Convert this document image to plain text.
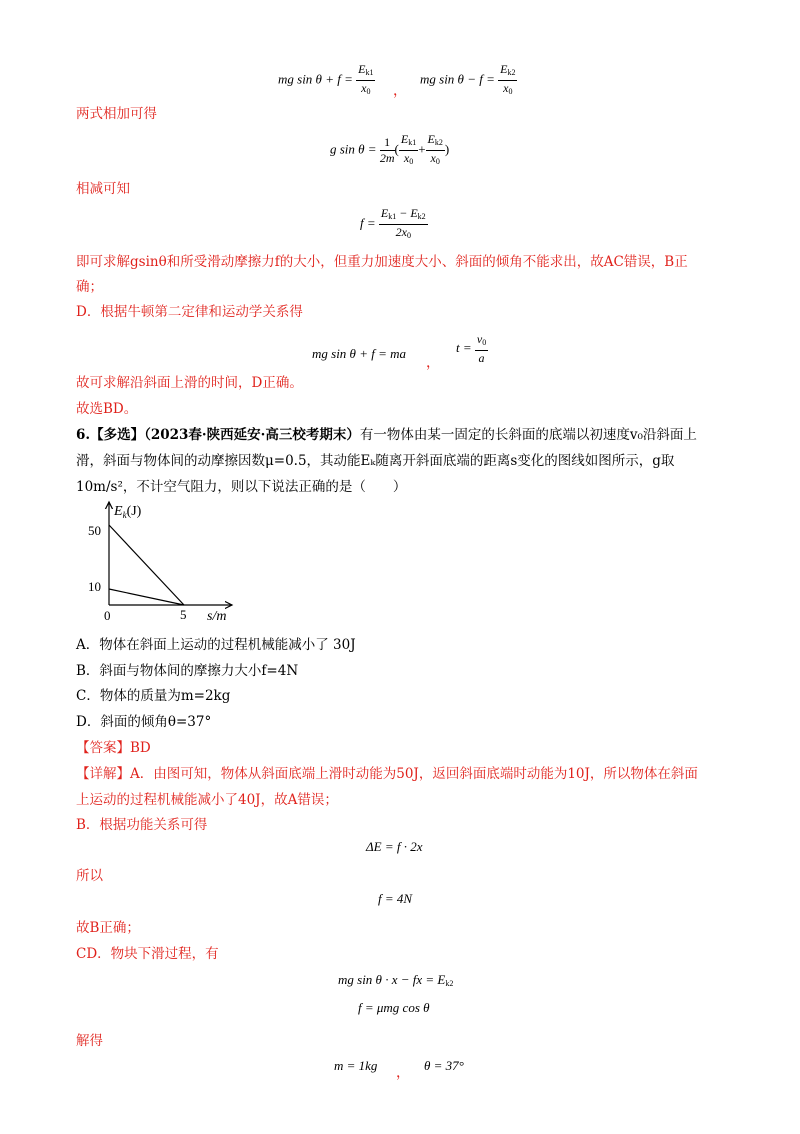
mg $\sin \theta + f = \frac{E_{k1}}{x_0}$ ，
mg $\sin \theta - f = \frac{E_{k2}}{x_0}$
两式相加可得
g $\sin \theta = \frac{1}{2m}$ ( $\frac{E_{k1}}{x_0} + \frac{E_{k2}}{x_0}$ )
相减可知
$f = \frac{E_{k1} - E_{k2}}{2x_0}$
即可求解gsinθ和所受滑动摩擦力f的大小，但重力加速度大小、斜面的倾角不能求出，故AC错误，B正
确；
D．根据牛顿第二定律和运动学关系得
mg sin θ + f = ma
，
$t = \frac{v_0}{a}$
故可求解沿斜面上滑的时间，D正确。
故选BD。
6.【多选】（2023春·陕西延安·高三校考期末）有一物体由某一固定的长斜面的底端以初速度v₀沿斜面上
滑，斜面与物体间的动摩擦因数μ=0.5，其动能Eₖ随离开斜面底端的距离s变化的图线如图所示，g取
10m/s²，不计空气阻力，则以下说法正确的是（　　）
$E_k(J)$
50
10
0	5 s/m
A．物体在斜面上运动的过程机械能减小了 30J
B．斜面与物体间的摩擦力大小f=4N
C．物体的质量为m=2kg
D．斜面的倾角θ=37°
【答案】BD
【详解】A．由图可知，物体从斜面底端上滑时动能为50J，返回斜面底端时动能为10J，所以物体在斜面
上运动的过程机械能减小了40J，故A错误；
B．根据功能关系可得
ΔE = f · 2x
所以
f = 4N
故B正确；
CD．物块下滑过程，有
mg sin θ · x − fx = $E_{k2}$
f = μmg cos θ
解得
m = 1kg ， θ = 37°
